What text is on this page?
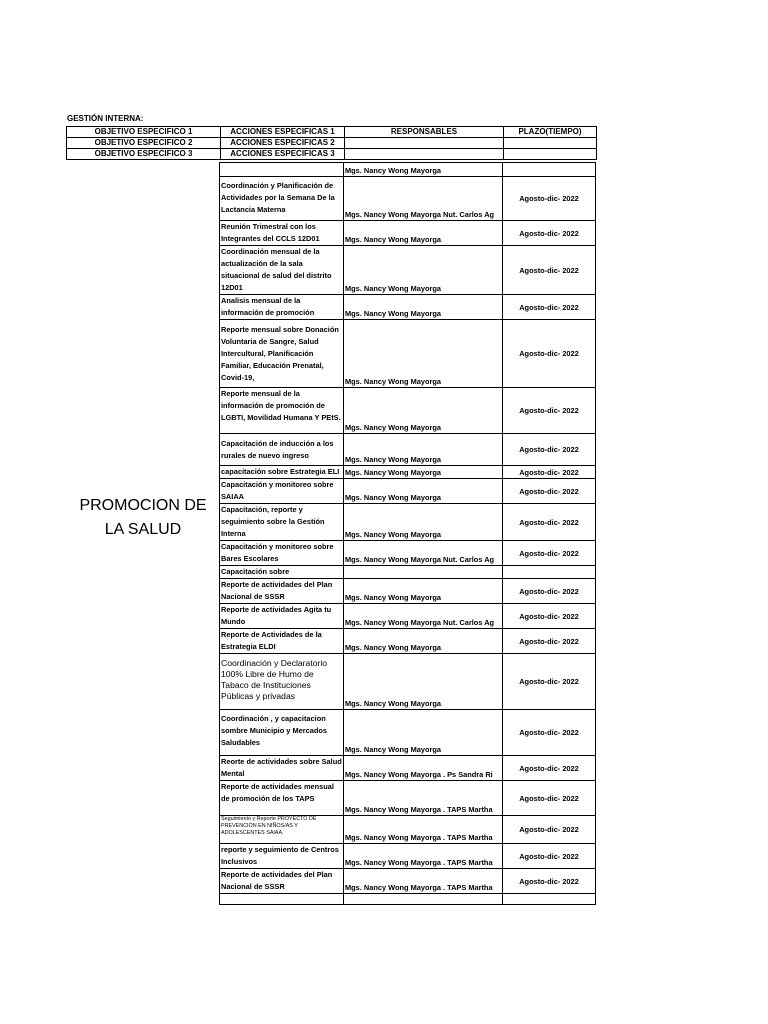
GESTIÓN INTERNA:
OBJETIVO ESPECIFICO 1	ACCIONES ESPECIFICAS 1	RESPONSABLES	PLAZO(TIEMPO)
OBJETIVO ESPECIFICO 2	ACCIONES ESPECIFICAS 2		
OBJETIVO ESPECIFICO 3	ACCIONES ESPECIFICAS 3		
PROMOCION DE LA SALUD
	Mgs. Nancy Wong Mayorga	
Coordinación y Planificación de Actividades por la Semana De la Lactancia Materna	Mgs. Nancy Wong Mayorga Nut. Carlos Ag	Agosto-dic- 2022
Reunión Trimestral con los Integrantes del CCLS 12D01	Mgs. Nancy Wong Mayorga	Agosto-dic- 2022
Coordinación mensual de la actualización de la sala situacional de salud del distrito 12D01	Mgs. Nancy Wong Mayorga	Agosto-dic- 2022
Analisis mensual de la información de promoción	Mgs. Nancy Wong Mayorga	Agosto-dic- 2022
Reporte mensual sobre Donación Voluntaria de Sangre, Salud Intercultural, Planificación Familiar, Educación Prenatal, Covid-19,	Mgs. Nancy Wong Mayorga	Agosto-dic- 2022
Reporte mensual de la información de promoción de LGBTI, Movilidad Humana Y PEtS.	Mgs. Nancy Wong Mayorga	Agosto-dic- 2022
Capacitación de inducción a los rurales de nuevo ingreso	Mgs. Nancy Wong Mayorga	Agosto-dic- 2022
capacitación sobre Estrategia ELI	Mgs. Nancy Wong Mayorga	Agosto-dic- 2022
Capacitación y monitoreo sobre SAIAA	Mgs. Nancy Wong Mayorga	Agosto-dic- 2022
Capacitación, reporte y seguimiento sobre la Gestión Interna	Mgs. Nancy Wong Mayorga	Agosto-dic- 2022
Capacitación y monitoreo sobre Bares Escolares	Mgs. Nancy Wong Mayorga Nut. Carlos Ag	Agosto-dic- 2022
Capacitación sobre		
Reporte de actividades del Plan Nacional de SSSR	Mgs. Nancy Wong Mayorga	Agosto-dic- 2022
Reporte de actividades Agita tu Mundo	Mgs. Nancy Wong Mayorga Nut. Carlos Ag	Agosto-dic- 2022
Reporte de Actividades de la Estrategia ELDI	Mgs. Nancy Wong Mayorga	Agosto-dic- 2022
Coordinación y Declaratorio 100% Libre de Humo de Tabaco de Instituciones Públicas y privadas	Mgs. Nancy Wong Mayorga	Agosto-dic- 2022
Coordinación , y capacitacion sombre Municipio y Mercados Saludables	Mgs. Nancy Wong Mayorga	Agosto-dic- 2022
Reorte de actividades sobre Salud Mental	Mgs. Nancy Wong Mayorga . Ps Sandra Ri	Agosto-dic- 2022
Reporte de actividades mensual de promoción de los TAPS	Mgs. Nancy Wong Mayorga . TAPS Martha	Agosto-dic- 2022
Seguimiento y Reporte PROYECTO DE PREVENCIÓN EN NIÑOS/AS Y ADOLESCENTES SAIAA.	Mgs. Nancy Wong Mayorga . TAPS Martha	Agosto-dic- 2022
reporte y seguimiento de Centros Inclusivos	Mgs. Nancy Wong Mayorga . TAPS Martha	Agosto-dic- 2022
Reporte de actividades del Plan Nacional de SSSR	Mgs. Nancy Wong Mayorga . TAPS Martha	Agosto-dic- 2022
